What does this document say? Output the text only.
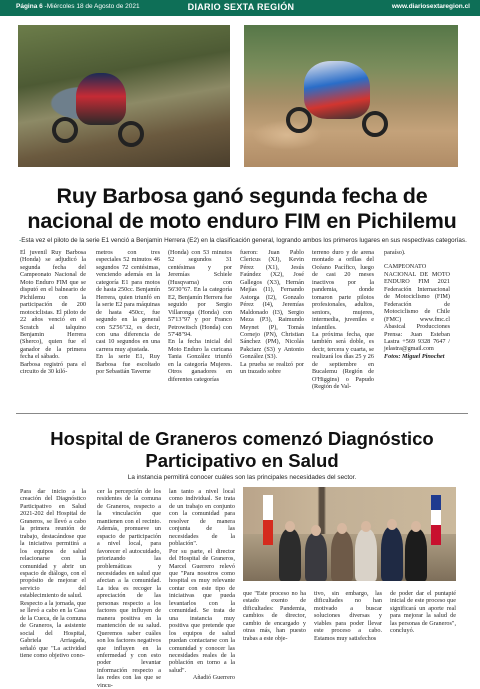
Página 6 -Miércoles 18 de Agosto de 2021	DIARIO SEXTA REGIÓN	www.diariosextaregion.cl
Ruy Barbosa ganó segunda fecha de nacional de moto enduro FIM en Pichilemu
-Esta vez el piloto de la serie E1 venció a Benjamin Herrera (E2) en la clasificación general, logrando ambos los primeros lugares en sus respectivas categorías.

El juvenil Ruy Barbosa (Honda) se adjudicó la segunda fecha del Campeonato Nacional de Moto Enduro FIM que se disputó en el balneario de Pichilemu con la participación de 200 motociclistas. El piloto de 22 años venció en el Scratch al talquino Benjamin Herrera (Sherco), quien fue el ganador de la primera fecha el sábado.

Barbosa registró para el circuito de 30 kiló-

metros con tres especiales 52 minutos 46 segundos 72 centésimas, venciendo además en la categoría E1 para motos de hasta 250cc. Benjamín Herrera, quien triunfó en la serie E2 para máquinas de hasta 450cc, fue segundo en la general con 52'56"32, es decir, con una diferencia de casi 10 segundos en una carrera muy ajustada.

En la serie E1, Ruy Barbosa fue escoltado por Sebastián Taverne

(Honda) con 53 minutos 52 segundos 31 centésimas y por Jeremías Schiele (Husqvarna) con 56'30"67. En la categoría E2, Benjamín Herrera fue seguido por Sergio Villaronga (Honda) con 57'13"97 y por Franco Petrowitsch (Honda) con 57'48"94.

En la fecha inicial del Moto Enduro la curicana Tania González triunfó en la categoría Mujeres. Otros ganadores en diferentes categorías

fueron: Juan Pablo Clericus (XJ), Kevin Pérez (X1), Jesús Faúndez (X2), José Gallegos (X3), Hernán Mejías (I1), Fernando Astorga (I2), Gonzalo Pérez (I4), Jeremías Maldonado (I3), Sergio Meza (P3), Raimundo Meynet (P), Tomás Cornejo (PN), Christian Sánchez (PM), Nicolás Pakciarz (S3) y Antonio González (S3).

La prueba se realizó por un trazado sobre

terreno duro y de arena montado a orillas del Océano Pacífico, luego de casi 20 meses inactivos por la pandemia, donde tomaron parte pilotos profesionales, adultos, seniors, mujeres, intermedia, juveniles e infantiles.

La próxima fecha, que también será doble, es decir, tercera y cuarta, se realizará los días 25 y 26 de septiembre en Bucalemu (Región de O'Higgins) o Papudo (Región de Val-

paraíso).

CAMPEONATO NACIONAL DE MOTO ENDURO FIM 2021 Federación Internacional de Motociclismo (FIM) Federación de Motociclismo de Chile (FMC) www.fmc.cl Abasical Producciones Prensa: Juan Esteban Lastra +569 9328 7647 / jelastra@gmail.com

Fotos: Miguel Pinochet

Hospital de Graneros comenzó Diagnóstico Participativo en Salud
La instancia permitirá conocer cuáles son las principales necesidades del sector.

Para dar inicio a la creación del Diagnóstico Participativo en Salud 2021-202 del Hospital de Graneros, se llevó a cabo la primera reunión de trabajo, destacándose que la iniciativa permitirá a los equipos de salud relacionarse con la comunidad y abrir un espacio de diálogo, con el propósito de mejorar el servicio del establecimiento de salud.

Respecto a la jornada, que se llevó a cabo en la Casa de la Cueca, de la comuna de Graneros, la asistente social del Hospital, Gabriela Arriagada, señaló que "La actividad tiene como objetivo cono-

cer la percepción de los residentes de la comuna de Graneros, respecto a la vinculación que mantienen con el recinto. Además, promueve un espacio de participación a nivel local, para favorecer el autocuidado, priorizando las problemáticas y necesidades en salud que afectan a la comunidad. La idea es recoger la apreciación de las personas respecto a los factores que influyen de manera positiva en la mantención de su salud. Queremos saber cuáles son los factores negativos que influyen en la enfermedad y con esto poder levantar información respecto a las redes con las que se vincu-

lan tanto a nivel local como individual. Se trata de un trabajo en conjunto con la comunidad para resolver de manera conjunta de las necesidades de la población".

Por su parte, el director del Hospital de Graneros, Marcel Guerrero relevó que "Para nosotros como hospital es muy relevante contar con este tipo de iniciativas que pueda levantarlos con la comunidad. Se trata de una instancia muy positiva que pretende que los equipos de salud puedan contactarse con la comunidad y conocer las necesidades reales de la población en torno a la salud".

Añadió Guerrero

que "Este proceso no ha estado exento de dificultades: Pandemia, cambios de director, cambio de encargado y otras más, han puesto trabas a este obje-

tivo, sin embargo, las dificultades no han motivado a buscar soluciones diversas y viables para poder llevar este proceso a cabo. Estamos muy satisfechos

de poder dar el puntapié inicial de este proceso que significará un aporte real para mejorar la salud de las personas de Graneros", concluyó.
